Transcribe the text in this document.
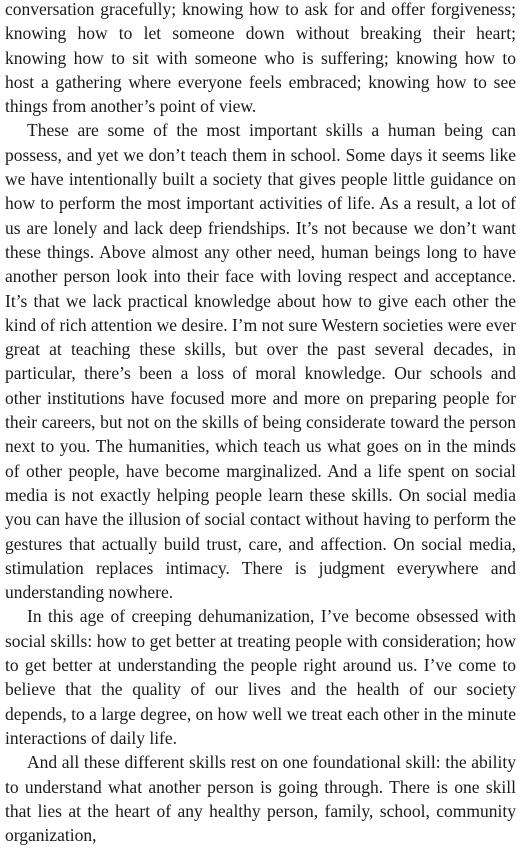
conversation gracefully; knowing how to ask for and offer forgiveness; knowing how to let someone down without breaking their heart; knowing how to sit with someone who is suffering; knowing how to host a gathering where everyone feels embraced; knowing how to see things from another’s point of view.

These are some of the most important skills a human being can possess, and yet we don’t teach them in school. Some days it seems like we have intentionally built a society that gives people little guidance on how to perform the most important activities of life. As a result, a lot of us are lonely and lack deep friendships. It’s not because we don’t want these things. Above almost any other need, human beings long to have another person look into their face with loving respect and acceptance. It’s that we lack practical knowledge about how to give each other the kind of rich attention we desire. I’m not sure Western societies were ever great at teaching these skills, but over the past several decades, in particular, there’s been a loss of moral knowledge. Our schools and other institutions have focused more and more on preparing people for their careers, but not on the skills of being considerate toward the person next to you. The humanities, which teach us what goes on in the minds of other people, have become marginalized. And a life spent on social media is not exactly helping people learn these skills. On social media you can have the illusion of social contact without having to perform the gestures that actually build trust, care, and affection. On social media, stimulation replaces intimacy. There is judgment everywhere and understanding nowhere.

In this age of creeping dehumanization, I’ve become obsessed with social skills: how to get better at treating people with consideration; how to get better at understanding the people right around us. I’ve come to believe that the quality of our lives and the health of our society depends, to a large degree, on how well we treat each other in the minute interactions of daily life.

And all these different skills rest on one foundational skill: the ability to understand what another person is going through. There is one skill that lies at the heart of any healthy person, family, school, community organization,
